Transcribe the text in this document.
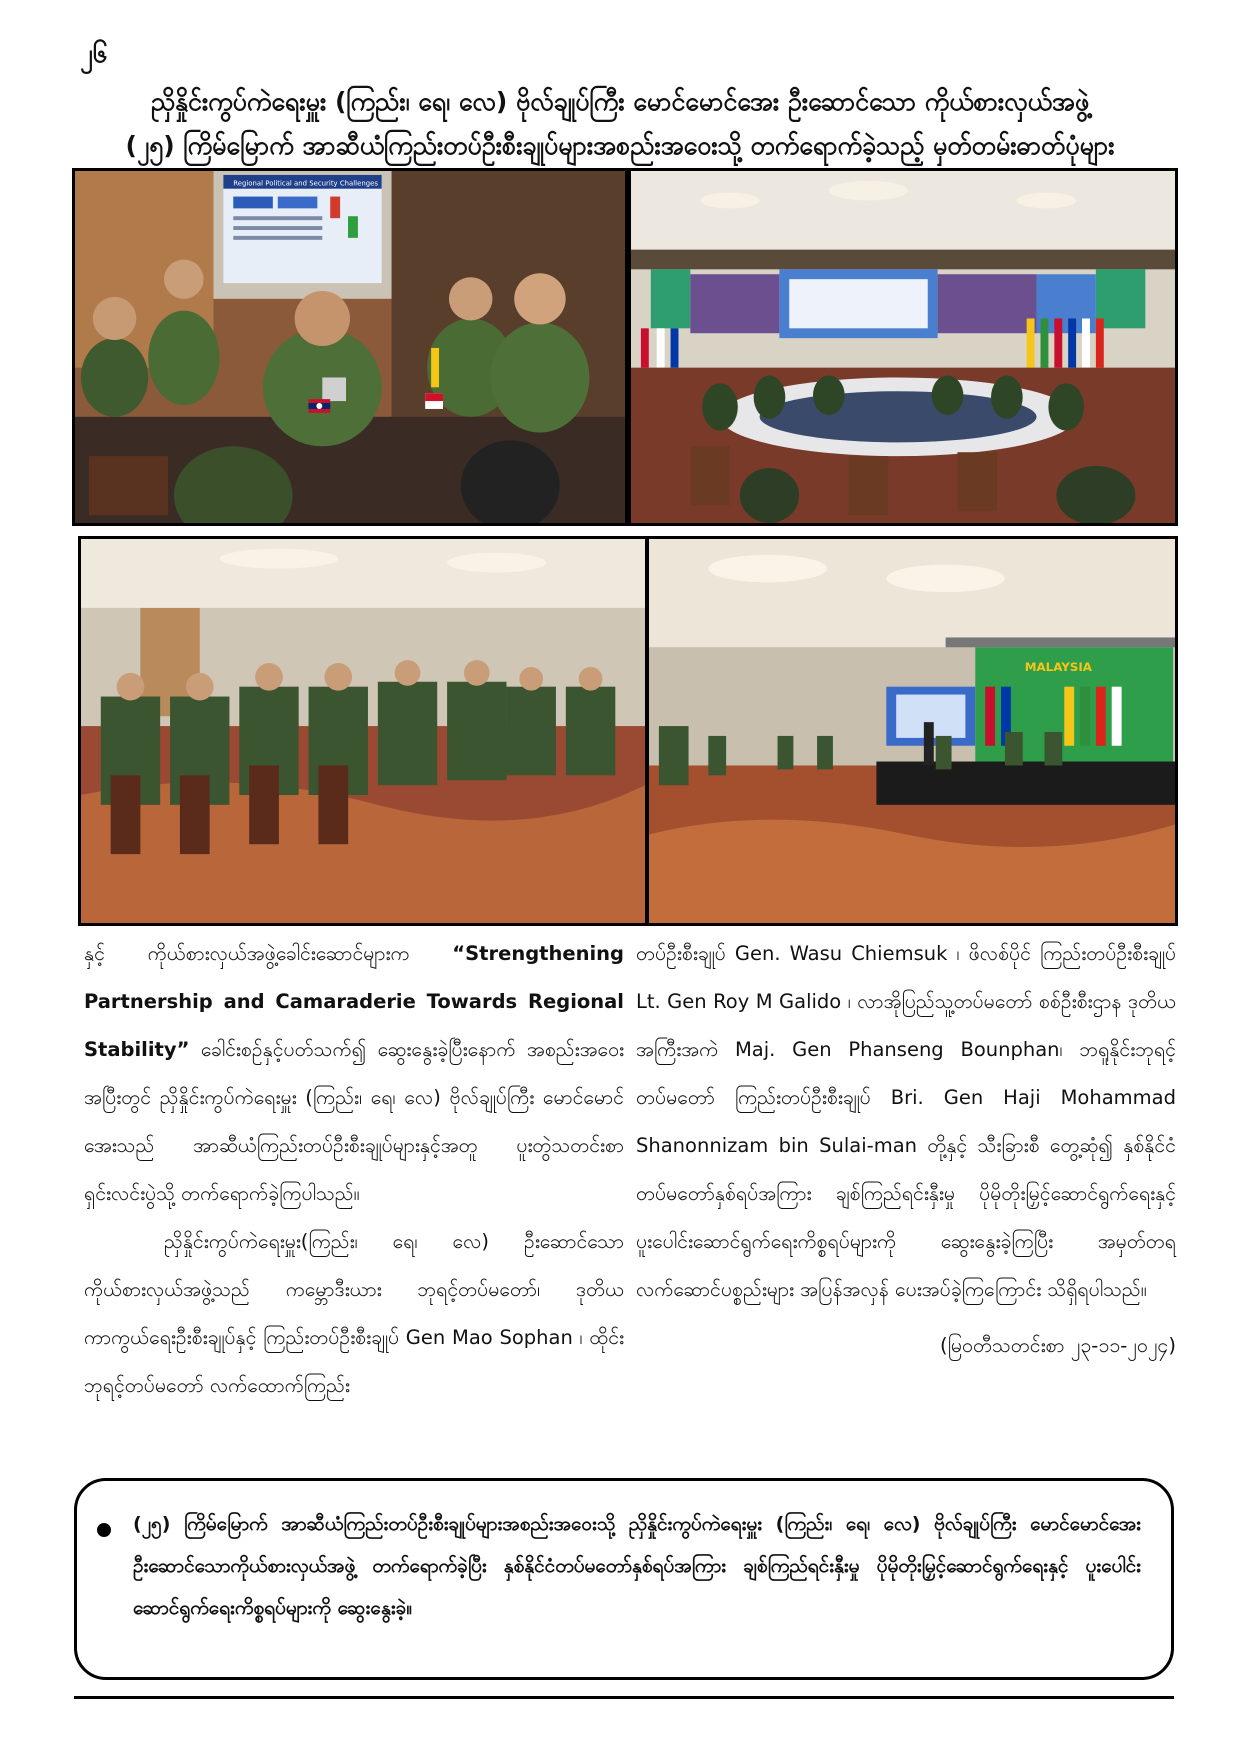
၂၆
ညှိနှိုင်းကွပ်ကဲရေးမှူး (ကြည်း၊ ရေ၊ လေ) ဗိုလ်ချုပ်ကြီး မောင်မောင်အေး ဦးဆောင်သော ကိုယ်စားလှယ်အဖွဲ့
(၂၅) ကြိမ်မြောက် အာဆီယံကြည်းတပ်ဦးစီးချုပ်များအစည်းအဝေးသို့ တက်ရောက်ခဲ့သည့် မှတ်တမ်းဓာတ်ပုံများ
Regional Political and Security Challenges
MALAYSIA

နှင့် ကိုယ်စားလှယ်အဖွဲ့ခေါင်းဆောင်များက “Strengthening Partnership and Camaraderie Towards Regional Stability” ခေါင်းစဉ်နှင့်ပတ်သက်၍ ဆွေးနွေးခဲ့ပြီးနောက် အစည်းအဝေးအပြီးတွင် ညှိနှိုင်းကွပ်ကဲရေးမှူး (ကြည်း၊ ရေ၊ လေ) ဗိုလ်ချုပ်ကြီး မောင်မောင်အေးသည် အာဆီယံကြည်းတပ်ဦးစီးချုပ်များနှင့်အတူ ပူးတွဲသတင်းစာရှင်းလင်းပွဲသို့ တက်ရောက်ခဲ့ကြပါသည်။

ညှိနှိုင်းကွပ်ကဲရေးမှူး(ကြည်း၊ ရေ၊ လေ) ဦးဆောင်သော ကိုယ်စားလှယ်အဖွဲ့သည် ကမ္ဘောဒီးယား ဘုရင့်တပ်မတော်၊ ဒုတိယကာကွယ်ရေးဦးစီးချုပ်နှင့် ကြည်းတပ်ဦးစီးချုပ် Gen Mao Sophan ၊ ထိုင်းဘုရင့်တပ်မတော် လက်ထောက်ကြည်း

တပ်ဦးစီးချုပ် Gen. Wasu Chiemsuk ၊ ဖိလစ်ပိုင် ကြည်းတပ်ဦးစီးချုပ် Lt. Gen Roy M Galido ၊ လာအိုပြည်သူ့တပ်မတော် စစ်ဦးစီးဌာန ဒုတိယအကြီးအကဲ Maj. Gen Phanseng Bounphan၊ ဘရူနိုင်းဘုရင့်တပ်မတော် ကြည်းတပ်ဦးစီးချုပ် Bri. Gen Haji Mohammad Shanonnizam bin Sulai-man တို့နှင့် သီးခြားစီ တွေ့ဆုံ၍ နှစ်နိုင်ငံ တပ်မတော်နှစ်ရပ်အကြား ချစ်ကြည်ရင်းနှီးမှု ပိုမိုတိုးမြှင့်ဆောင်ရွက်ရေးနှင့် ပူးပေါင်းဆောင်ရွက်ရေးကိစ္စရပ်များကို ဆွေးနွေးခဲ့ကြပြီး အမှတ်တရ လက်ဆောင်ပစ္စည်းများ အပြန်အလှန် ပေးအပ်ခဲ့ကြကြောင်း သိရှိရပါသည်။

(မြဝတီသတင်းစာ ၂၃-၁၁-၂၀၂၄)

(၂၅) ကြိမ်မြောက် အာဆီယံကြည်းတပ်ဦးစီးချုပ်များအစည်းအဝေးသို့ ညှိနှိုင်းကွပ်ကဲရေးမှူး (ကြည်း၊ ရေ၊ လေ) ဗိုလ်ချုပ်ကြီး မောင်မောင်အေး ဦးဆောင်သောကိုယ်စားလှယ်အဖွဲ့ တက်ရောက်ခဲ့ပြီး နှစ်နိုင်ငံတပ်မတော်နှစ်ရပ်အကြား ချစ်ကြည်ရင်းနှီးမှု ပိုမိုတိုးမြှင့်ဆောင်ရွက်ရေးနှင့် ပူးပေါင်းဆောင်ရွက်ရေးကိစ္စရပ်များကို ဆွေးနွေးခဲ့။
